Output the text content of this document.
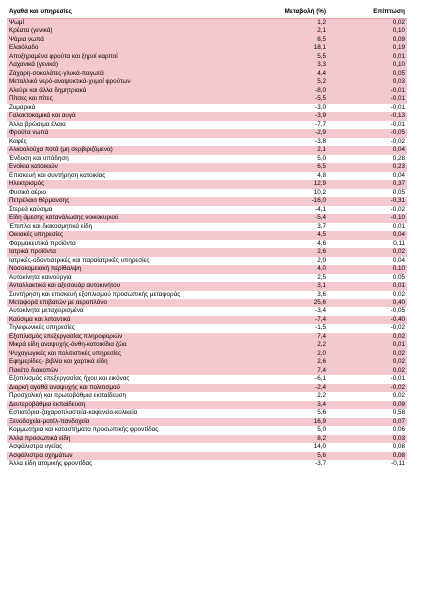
Αγαθά και υπηρεσίες	Μεταβολή (%)	Επίπτωση
Ψωμί	1,2	0,02
Κρέατα (γενικά)	2,1	0,10
Ψάρια νωπά	8,5	0,09
Ελαιόλαδο	18,1	0,19
Αποξηραμένα φρούτα και ξηροί καρποί	5,5	0,01
Λαχανικά (γενικά)	3,3	0,10
Ζάχαρη-σοκολάτες-γλυκά-παγωτά	4,4	0,05
Μεταλλικό νερό-αναψυκτικά-χυμοί φρούτων	5,2	0,03
Αλεύρι και άλλα δημητριακά	-8,0	-0,01
Πίτσες και πίτες	-5,5	-0,01
Ζυμαρικά	-3,0	-0,01
Γαλακτοκομικά και αυγά	-3,9	-0,13
Άλλα βρώσιμα έλαια	-7,7	-0,01
Φρούτα νωπά	-2,9	-0,05
Καφές	-3,8	-0,02
Αλκοολούχα ποτά (μη σερβιριζόμενα)	2,1	0,04
Ένδυση και υπόδηση	5,0	0,28
Ενοίκια κατοικιών	6,5	0,23
Επισκευή και συντήρηση κατοικίας	4,8	0,04
Ηλεκτρισμός	12,9	0,37
Φυσικό αέριο	10,2	0,05
Πετρέλαιο θέρμανσης	-16,0	-0,31
Στερεά καύσιμα	-4,1	-0,02
Είδη άμεσης κατανάλωσης νοικοκυριού	-5,4	-0,10
Έπιπλα και διακοσμητικά είδη	3,7	0,01
Οικιακές υπηρεσίες	4,5	0,04
Φαρμακευτικά προϊόντα	4,6	0,11
Ιατρικά προϊόντα	2,6	0,02
Ιατρικές-οδοντιατρικές και παραϊατρικές υπηρεσίες	2,0	0,04
Νοσοκομειακή περίθαλψη	4,0	0,10
Αυτοκίνητα καινούργια	2,5	0,05
Ανταλλακτικά και αξεσουάρ αυτοκινήτου	3,1	0,01
Συντήρηση και επισκευή εξοπλισμού προσωπικής μεταφοράς	3,6	0,02
Μεταφορά επιβατών με αεροπλάνο	25,6	0,40
Αυτοκίνητα μεταχειρισμένα	-3,4	-0,05
Καύσιμα και λιπαντικά	-7,4	-0,40
Τηλεφωνικές υπηρεσίες	-1,5	-0,02
Εξοπλισμός επεξεργασίας πληροφοριών	7,4	0,02
Μικρά είδη αναψυχής-άνθη-κατοικίδια ζώα	2,2	0,01
Ψυχαγωγικές και πολιτιστικές υπηρεσίες	2,0	0,02
Εφημερίδες- βιβλία και χαρτικά είδη	2,6	0,02
Πακέτο διακοπών	7,4	0,02
Εξοπλισμός επεξεργασίας ήχου και εικόνας	-6,1	-0,01
Διαρκή αγαθά αναψυχής και πολιτισμού	-2,4	-0,02
Προσχολική και πρωτοβάθμια εκπαίδευση	2,2	0,02
Δευτεροβάθμια εκπαίδευση	3,4	0,09
Εστιατόρια-ζαχαροπλαστεία-καφενεία-κυλικεία	5,6	0,58
Ξενοδοχεία-μοτέλ-πανδοχεία	16,9	0,07
Κομμωτήρια και καταστήματα προσωπικής φροντίδας	5,0	0,06
Άλλα προσωπικά είδη	8,2	0,03
Ασφάλιστρα υγείας	14,0	0,08
Ασφάλιστρα οχημάτων	5,6	0,08
Άλλα είδη ατομικής φροντίδας	-3,7	-0,11
